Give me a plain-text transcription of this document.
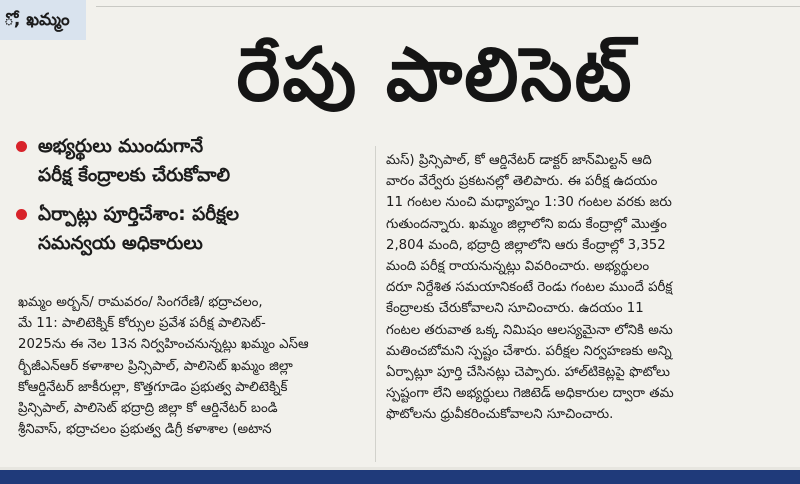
ో, ఖమ్మం
రేపు పాలిసెట్
అభ్యర్థులు ముందుగానే
పరీక్ష కేంద్రాలకు చేరుకోవాలి
ఏర్పాట్లు పూర్తిచేశాం: పరీక్షల
సమన్వయ అధికారులు
ఖమ్మం అర్బన్/ రామవరం/ సింగరేణి/ భద్రాచలం,
మే 11: పాలిటెక్నిక్ కోర్సుల ప్రవేశ పరీక్ష పాలిసెట్-
2025ను ఈ నెల 13న నిర్వహించనున్నట్లు ఖమ్మం ఎస్ఆ
ర్బీజీఎన్ఆర్ కళాశాల ప్రిన్సిపాల్, పాలిసెట్ ఖమ్మం జిల్లా
కోఆర్డినేటర్ జాకీరుల్లా, కొత్తగూడెం ప్రభుత్వ పాలిటెక్నిక్
ప్రిన్సిపాల్, పాలిసెట్ భద్రాద్రి జిల్లా కో ఆర్డినేటర్ బండి
శ్రీనివాస్, భద్రాచలం ప్రభుత్వ డిగ్రీ కళాశాల (అటాన
మస్) ప్రిన్సిపాల్, కో ఆర్డినేటర్ డాక్టర్ జాన్‌మిల్టన్ ఆది
వారం వేర్వేరు ప్రకటనల్లో తెలిపారు. ఈ పరీక్ష ఉదయం
11 గంటల నుంచి మధ్యాహ్నం 1:30 గంటల వరకు జరు
గుతుందన్నారు. ఖమ్మం జిల్లాలోని ఐదు కేంద్రాల్లో మొత్తం
2,804 మంది, భద్రాద్రి జిల్లాలోని ఆరు కేంద్రాల్లో 3,352
మంది పరీక్ష రాయనున్నట్లు వివరించారు. అభ్యర్థులం
దరూ నిర్దేశిత సమయానికంటే రెండు గంటల ముందే పరీక్ష
కేంద్రాలకు చేరుకోవాలని సూచించారు. ఉదయం 11
గంటల తరువాత ఒక్క నిమిషం ఆలస్యమైనా లోనికి అను
మతించబోమని స్పష్టం చేశారు. పరీక్షల నిర్వహణకు అన్ని
ఏర్పాట్లూ పూర్తి చేసినట్లు చెప్పారు. హాల్‌టికెట్లపై ఫొటోలు
స్పష్టంగా లేని అభ్యర్థులు గెజిటెడ్ అధికారుల ద్వారా తమ
ఫొటోలను ధ్రువీకరించుకోవాలని సూచించారు.
